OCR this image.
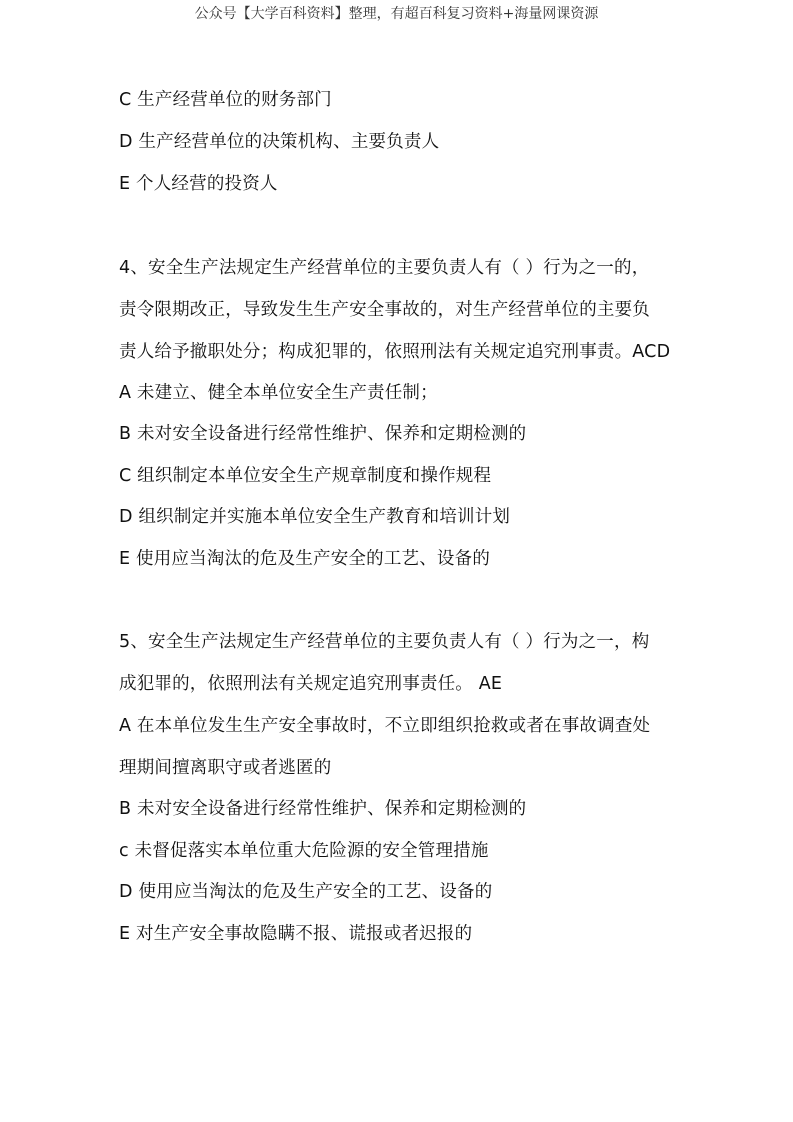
公众号【大学百科资料】整理，有超百科复习资料+海量网课资源
C 生产经营单位的财务部门
D 生产经营单位的决策机构、主要负责人
E 个人经营的投资人
4、安全生产法规定生产经营单位的主要负责人有（ ）行为之一的，
责令限期改正，导致发生生产安全事故的，对生产经营单位的主要负
责人给予撤职处分；构成犯罪的，依照刑法有关规定追究刑事责。ACD
A 未建立、健全本单位安全生产责任制；
B 未对安全设备进行经常性维护、保养和定期检测的
C 组织制定本单位安全生产规章制度和操作规程
D 组织制定并实施本单位安全生产教育和培训计划
E 使用应当淘汰的危及生产安全的工艺、设备的
5、安全生产法规定生产经营单位的主要负责人有（ ）行为之一，构
成犯罪的，依照刑法有关规定追究刑事责任。 AE
A 在本单位发生生产安全事故时，不立即组织抢救或者在事故调查处
理期间擅离职守或者逃匿的
B 未对安全设备进行经常性维护、保养和定期检测的
c 未督促落实本单位重大危险源的安全管理措施
D 使用应当淘汰的危及生产安全的工艺、设备的
E 对生产安全事故隐瞒不报、谎报或者迟报的
